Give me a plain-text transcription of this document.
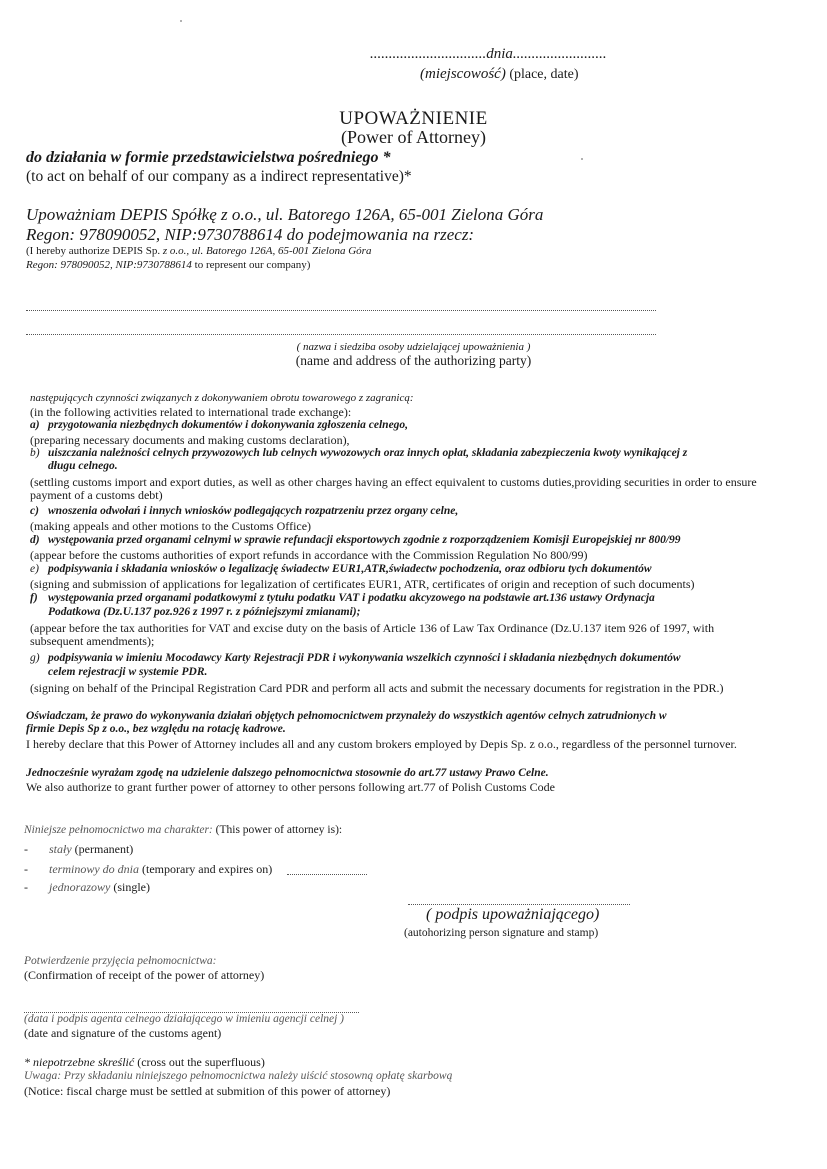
...............................dnia.........................
(miejscowość) (place, date)
UPOWAŻNIENIE
(Power of Attorney)
do działania w formie przedstawicielstwa pośredniego *
(to act on behalf of our company as a indirect representative)*
Upoważniam DEPIS Spółkę z o.o., ul. Batorego 126A, 65-001 Zielona Góra
Regon: 978090052, NIP:9730788614 do podejmowania na rzecz:
(I hereby authorize DEPIS Sp. z o.o., ul. Batorego 126A, 65-001 Zielona Góra
Regon: 978090052, NIP:9730788614 to represent our company)
( nazwa i siedziba osoby udzielającej upoważnienia )
(name and address of the authorizing party)
następujących czynności związanych z dokonywaniem obrotu towarowego z zagranicą:
(in the following activities related to international trade exchange):
a) przygotowania niezbędnych dokumentów i dokonywania zgłoszenia celnego,
(preparing necessary documents and making customs declaration),
b) uiszczania należności celnych przywozowych lub celnych wywozowych oraz innych opłat, składania zabezpieczenia kwoty wynikającej z
długu celnego.
(settling customs import and export duties, as well as other charges having an effect equivalent to customs duties,providing securities in order to ensure payment of a customs debt)
c) wnoszenia odwołań i innych wniosków podlegających rozpatrzeniu przez organy celne,
(making appeals and other motions to the Customs Office)
d) występowania przed organami celnymi w sprawie refundacji eksportowych zgodnie z rozporządzeniem Komisji Europejskiej nr 800/99
(appear before the customs authorities of export refunds in accordance with the Commission Regulation No 800/99)
e) podpisywania i składania wniosków o legalizację świadectw EUR1,ATR,świadectw pochodzenia, oraz odbioru tych dokumentów
(signing and submission of applications for legalization of certificates EUR1, ATR, certificates of origin and reception of such documents)
f) występowania przed organami podatkowymi z tytułu podatku VAT i podatku akcyzowego na podstawie art.136 ustawy Ordynacja
Podatkowa (Dz.U.137 poz.926 z 1997 r. z późniejszymi zmianami);
(appear before the tax authorities for VAT and excise duty on the basis of Article 136 of Law Tax Ordinance (Dz.U.137 item 926 of 1997, with subsequent amendments);
g) podpisywania w imieniu Mocodawcy Karty Rejestracji PDR i wykonywania wszelkich czynności i składania niezbędnych dokumentów
celem rejestracji w systemie PDR.
(signing on behalf of the Principal Registration Card PDR and perform all acts and submit the necessary documents for registration in the PDR.)
Oświadczam, że prawo do wykonywania działań objętych pełnomocnictwem przynależy do wszystkich agentów celnych zatrudnionych w
firmie Depis Sp z o.o., bez względu na rotację kadrowe.
I hereby declare that this Power of Attorney includes all and any custom brokers employed by Depis Sp. z o.o., regardless of the personnel turnover.
Jednocześnie wyrażam zgodę na udzielenie dalszego pełnomocnictwa stosownie do art.77 ustawy Prawo Celne.
We also authorize to grant further power of attorney to other persons following art.77 of Polish Customs Code
Niniejsze pełnomocnictwo ma charakter: (This power of attorney is):
- stały (permanent)
- terminowy do dnia (temporary and expires on)
- jednorazowy (single)
( podpis upoważniającego)
(autohorizing person signature and stamp)
Potwierdzenie przyjęcia pełnomocnictwa:
(Confirmation of receipt of the power of attorney)
(data i podpis agenta celnego działającego w imieniu agencji celnej )
(date and signature of the customs agent)
* niepotrzebne skreślić (cross out the superfluous)
Uwaga: Przy składaniu niniejszego pełnomocnictwa należy uiścić stosowną opłatę skarbową
(Notice: fiscal charge must be settled at submition of this power of attorney)
